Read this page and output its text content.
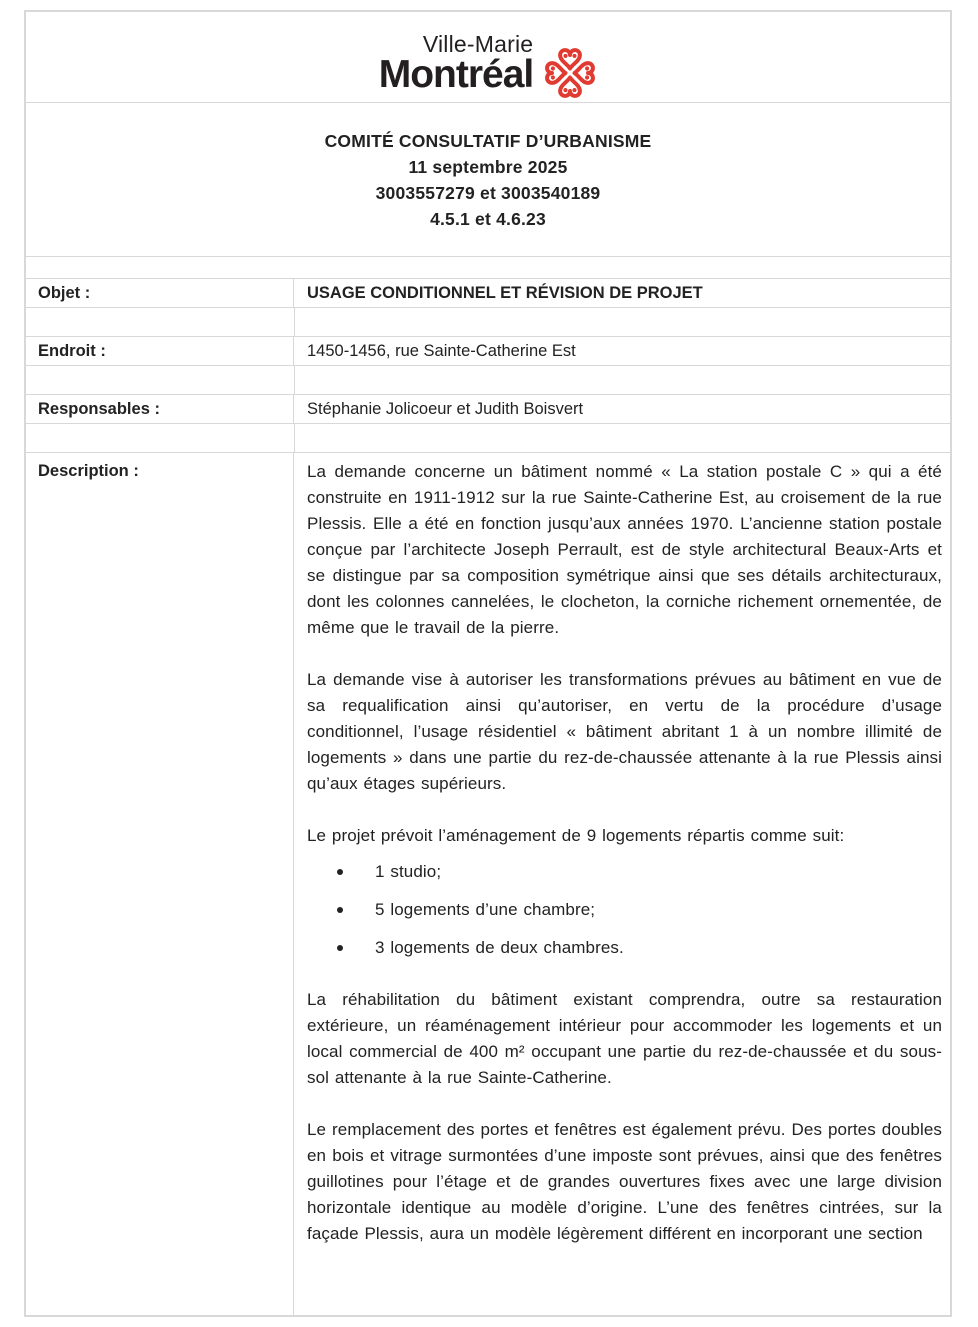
Ville-Marie
Montréal
COMITÉ CONSULTATIF D’URBANISME
11 septembre 2025
3003557279 et 3003540189
4.5.1 et 4.6.23
Objet :	USAGE CONDITIONNEL ET RÉVISION DE PROJET
Endroit :	1450-1456, rue Sainte-Catherine Est
Responsables :	Stéphanie Jolicoeur et Judith Boisvert
Description :	La demande concerne un bâtiment nommé « La station postale C » qui a été construite en 1911-1912 sur la rue Sainte-Catherine Est, au croisement de la rue Plessis. Elle a été en fonction jusqu’aux années 1970. L’ancienne station postale conçue par l’architecte Joseph Perrault, est de style architectural Beaux-Arts et se distingue par sa composition symétrique ainsi que ses détails architecturaux, dont les colonnes cannelées, le clocheton, la corniche richement ornementée, de même que le travail de la pierre.

La demande vise à autoriser les transformations prévues au bâtiment en vue de sa requalification ainsi qu’autoriser, en vertu de la procédure d’usage conditionnel, l’usage résidentiel « bâtiment abritant 1 à un nombre illimité de logements » dans une partie du rez-de-chaussée attenante à la rue Plessis ainsi qu’aux étages supérieurs.

Le projet prévoit l’aménagement de 9 logements répartis comme suit:

1 studio;
5 logements d’une chambre;
3 logements de deux chambres.

La réhabilitation du bâtiment existant comprendra, outre sa restauration extérieure, un réaménagement intérieur pour accommoder les logements et un local commercial de 400 m² occupant une partie du rez-de-chaussée et du sous-sol attenante à la rue Sainte-Catherine.

Le remplacement des portes et fenêtres est également prévu. Des portes doubles en bois et vitrage surmontées d’une imposte sont prévues, ainsi que des fenêtres guillotines pour l’étage et de grandes ouvertures fixes avec une large division horizontale identique au modèle d’origine. L’une des fenêtres cintrées, sur la façade Plessis, aura un modèle légèrement différent en incorporant une section
